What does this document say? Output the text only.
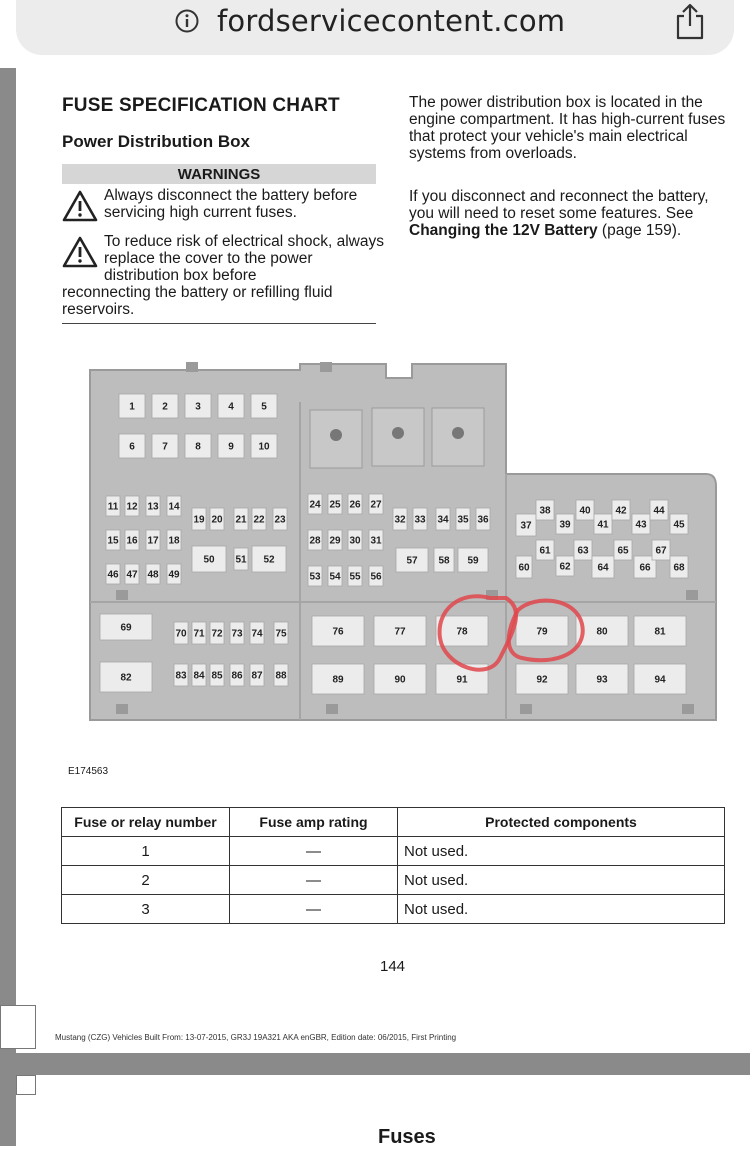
fordservicecontent.com
FUSE SPECIFICATION CHART
Power Distribution Box
WARNINGS
Always disconnect the battery before servicing high current fuses.
To reduce risk of electrical shock, always replace the cover to the power distribution box before
reconnecting the battery or refilling fluid reservoirs.
The power distribution box is located in the engine compartment. It has high-current fuses that protect your vehicle's main electrical systems from overloads.
If you disconnect and reconnect the battery, you will need to reset some features. See Changing the 12V Battery (page 159).
1	2	3	4	5
6	7	8	9 10
11 12 13 14
15 16 17 18
19 20 21 22 23
24 25 26 27
28 29 30 31
32 33 34 35 36
37
38
39
40
41
42
43
44
45
46 47 48 49
50 51 52
53 54 55 56
57 58 59
60
61
62
63
64
65
66
67
68
69
70 71 72 73 74 75	76	77	78	79	80	81
82	83 84 85 86 87 88	89	90	91	92	93	94
E174563
Fuse or relay number	Fuse amp rating	Protected components
1	—	Not used.
2	—	Not used.
3	—	Not used.
144
Mustang (CZG) Vehicles Built From: 13-07-2015, GR3J 19A321 AKA enGBR, Edition date: 06/2015, First Printing
Fuses
